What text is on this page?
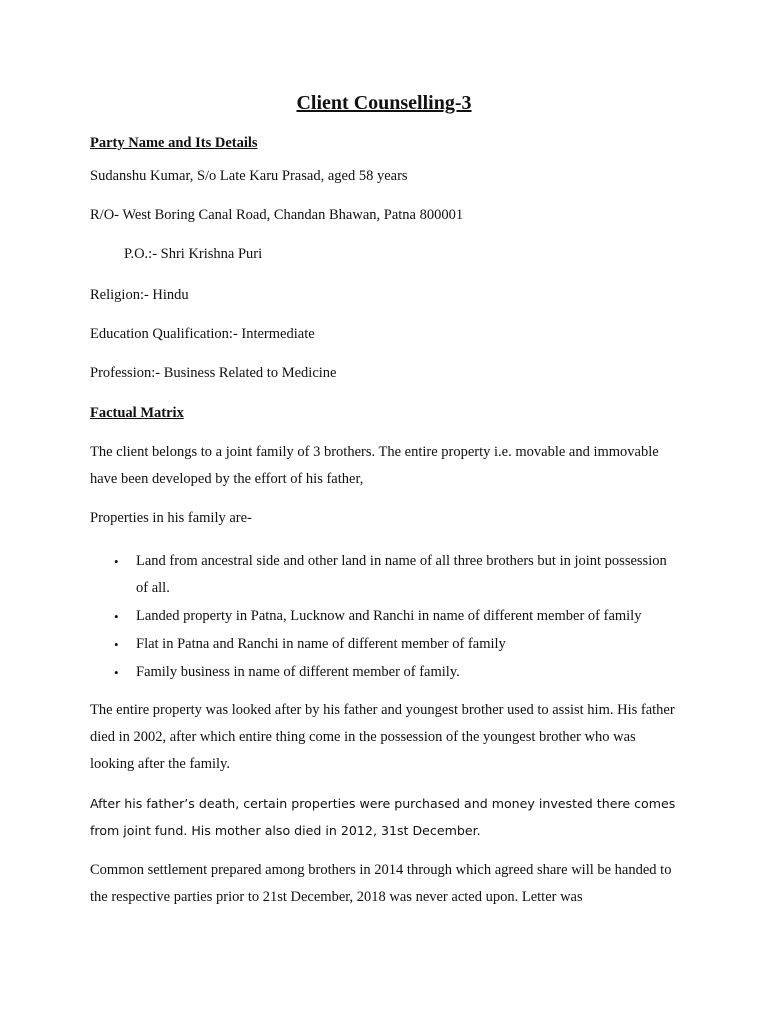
Client Counselling-3
Party Name and Its Details
Sudanshu Kumar, S/o Late Karu Prasad, aged 58 years
R/O- West Boring Canal Road, Chandan Bhawan, Patna 800001
P.O.:- Shri Krishna Puri
Religion:- Hindu
Education Qualification:- Intermediate
Profession:- Business Related to Medicine
Factual Matrix
The client belongs to a joint family of 3 brothers. The entire property i.e. movable and immovable have been developed by the effort of his father,
Properties in his family are-
• Land from ancestral side and other land in name of all three brothers but in joint possession of all.
• Landed property in Patna, Lucknow and Ranchi in name of different member of family
• Flat in Patna and Ranchi in name of different member of family
• Family business in name of different member of family.
The entire property was looked after by his father and youngest brother used to assist him. His father died in 2002, after which entire thing come in the possession of the youngest brother who was looking after the family.
After his father’s death, certain properties were purchased and money invested there comes from joint fund. His mother also died in 2012, 31st December.
Common settlement prepared among brothers in 2014 through which agreed share will be handed to the respective parties prior to 21st December, 2018 was never acted upon. Letter was
